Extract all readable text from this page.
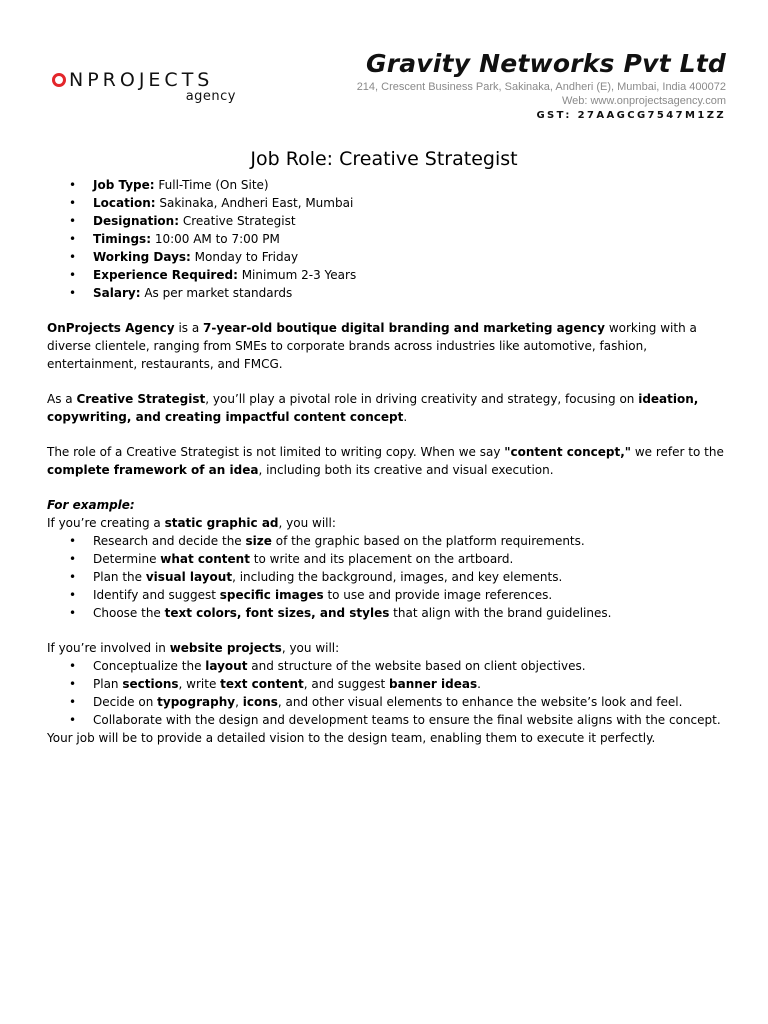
NPROJECTS
agency
Gravity Networks Pvt Ltd
214, Crescent Business Park, Sakinaka, Andheri (E), Mumbai, India 400072
Web: www.onprojectsagency.com
GST: 27AAGCG7547M1ZZ
Job Role: Creative Strategist
• Job Type: Full-Time (On Site)
• Location: Sakinaka, Andheri East, Mumbai
• Designation: Creative Strategist
• Timings: 10:00 AM to 7:00 PM
• Working Days: Monday to Friday
• Experience Required: Minimum 2-3 Years
• Salary: As per market standards

OnProjects Agency is a 7-year-old boutique digital branding and marketing agency working with a diverse clientele, ranging from SMEs to corporate brands across industries like automotive, fashion, entertainment, restaurants, and FMCG.

As a Creative Strategist, you’ll play a pivotal role in driving creativity and strategy, focusing on ideation, copywriting, and creating impactful content concept.

The role of a Creative Strategist is not limited to writing copy. When we say "content concept," we refer to the complete framework of an idea, including both its creative and visual execution.

For example:

If you’re creating a static graphic ad, you will:

• Research and decide the size of the graphic based on the platform requirements.
• Determine what content to write and its placement on the artboard.
• Plan the visual layout, including the background, images, and key elements.
• Identify and suggest specific images to use and provide image references.
• Choose the text colors, font sizes, and styles that align with the brand guidelines.

If you’re involved in website projects, you will:

• Conceptualize the layout and structure of the website based on client objectives.
• Plan sections, write text content, and suggest banner ideas.
• Decide on typography, icons, and other visual elements to enhance the website’s look and feel.
• Collaborate with the design and development teams to ensure the final website aligns with the concept.

Your job will be to provide a detailed vision to the design team, enabling them to execute it perfectly.
